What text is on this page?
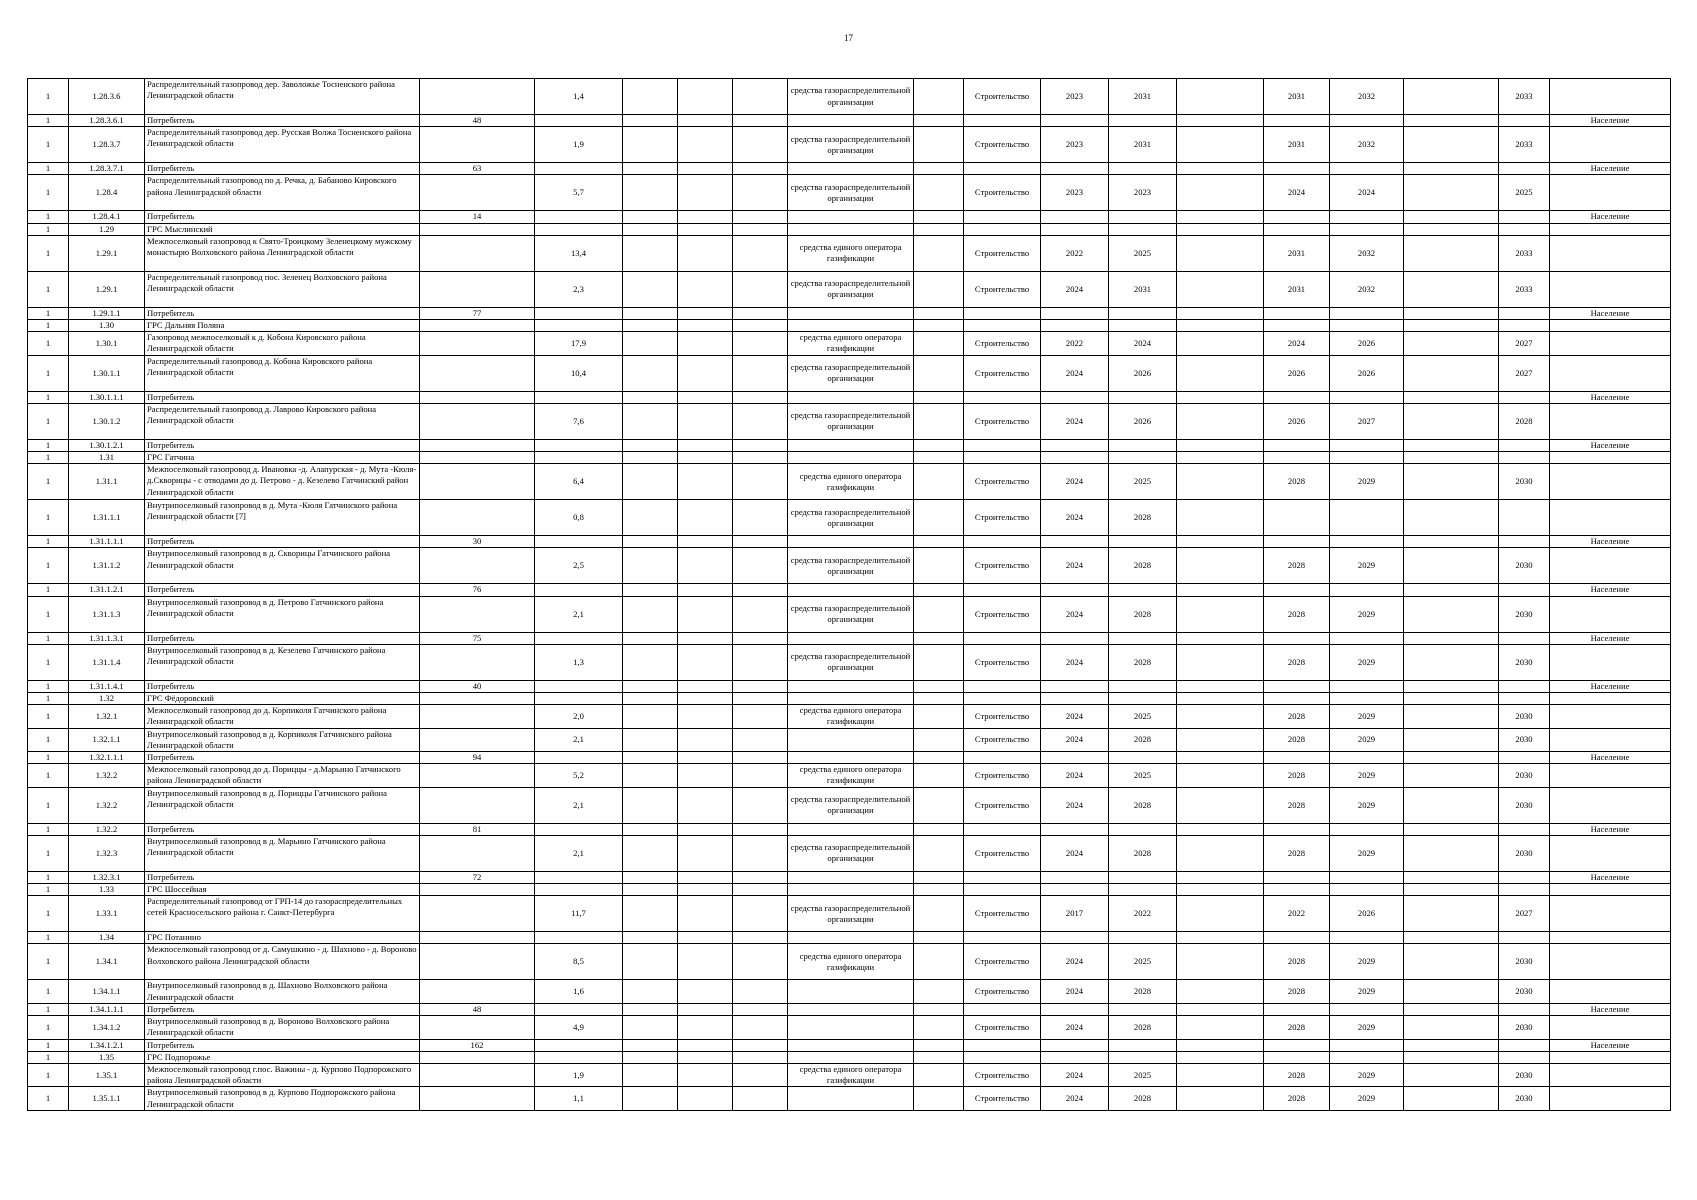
17
1	1.28.3.6	Распределительный газопровод дер. Заволожье Тосненского района Ленинградской области		1,4				средства газораспределительной организации		Строительство	2023	2031		2031	2032		2033	
1	1.28.3.6.1	Потребитель	48															Население
1	1.28.3.7	Распределительный газопровод дер. Русская Волжа Тосненского района Ленинградской области		1,9				средства газораспределительной организации		Строительство	2023	2031		2031	2032		2033	
1	1.28.3.7.1	Потребитель	63															Население
1	1.28.4	Распределительный газопровод по д. Речка, д. Бабаново Кировского района Ленинградской области		5,7				средства газораспределительной организации		Строительство	2023	2023		2024	2024		2025	
1	1.28.4.1	Потребитель	14															Население
1	1.29	ГРС Мыслинский																
1	1.29.1	Межпоселковый газопровод к Свято-Троицкому Зеленецкому мужскому монастырю Волховского района Ленинградской области		13,4				средства единого оператора газификации		Строительство	2022	2025		2031	2032		2033	
1	1.29.1	Распределительный газопровод пос. Зеленец Волховского района Ленинградской области		2,3				средства газораспределительной организации		Строительство	2024	2031		2031	2032		2033	
1	1.29.1.1	Потребитель	77															Население
1	1.30	ГРС Дальняя Поляна																
1	1.30.1	Газопровод межпоселковый к д. Кобона Кировского района Ленинградской области		17,9				средства единого оператора газификации		Строительство	2022	2024		2024	2026		2027	
1	1.30.1.1	Распределительный газопровод д. Кобона Кировского района Ленинградской области		10,4				средства газораспределительной организации		Строительство	2024	2026		2026	2026		2027	
1	1.30.1.1.1	Потребитель																Население
1	1.30.1.2	Распределительный газопровод д. Лаврово Кировского района Ленинградской области		7,6				средства газораспределительной организации		Строительство	2024	2026		2026	2027		2028	
1	1.30.1.2.1	Потребитель																Население
1	1.31	ГРС Гатчина																
1	1.31.1	Межпоселковый газопровод д. Ивановка -д. Алапурская - д. Мута -Кюля- д.Скворицы - с отводами до д. Петрово - д. Кезелево Гатчинский район Ленинградской области		6,4				средства единого оператора газификации		Строительство	2024	2025		2028	2029		2030	
1	1.31.1.1	Внутрипоселковый газопровод в д. Мута -Кюля Гатчинского района Ленинградской области [7]		0,8				средства газораспределительной организации		Строительство	2024	2028						
1	1.31.1.1.1	Потребитель	30															Население
1	1.31.1.2	Внутрипоселковый газопровод в д. Скворицы Гатчинского района Ленинградской области		2,5				средства газораспределительной организации		Строительство	2024	2028		2028	2029		2030	
1	1.31.1.2.1	Потребитель	76															Население
1	1.31.1.3	Внутрипоселковый газопровод в д. Петрово Гатчинского района Ленинградской области		2,1				средства газораспределительной организации		Строительство	2024	2028		2028	2029		2030	
1	1.31.1.3.1	Потребитель	75															Население
1	1.31.1.4	Внутрипоселковый газопровод в д. Кезелево Гатчинского района Ленинградской области		1,3				средства газораспределительной организации		Строительство	2024	2028		2028	2029		2030	
1	1.31.1.4.1	Потребитель	40															Население
1	1.32	ГРС Фёдоровский																
1	1.32.1	Межпоселковый газопровод до д. Корпиколя Гатчинского района Ленинградской области		2,0				средства единого оператора газификации		Строительство	2024	2025		2028	2029		2030	
1	1.32.1.1	Внутрипоселковый газопровод в д. Корпиколя Гатчинского района Ленинградской области		2,1						Строительство	2024	2028		2028	2029		2030	
1	1.32.1.1.1	Потребитель	94															Население
1	1.32.2	Межпоселковый газопровод до д. Пориццы - д.Марьино Гатчинского района Ленинградской области		5,2				средства единого оператора газификации		Строительство	2024	2025		2028	2029		2030	
1	1.32.2	Внутрипоселковый газопровод в д. Пориццы Гатчинского района Ленинградской области		2,1				средства газораспределительной организации		Строительство	2024	2028		2028	2029		2030	
1	1.32.2	Потребитель	81															Население
1	1.32.3	Внутрипоселковый газопровод в д. Марьино Гатчинского района Ленинградской области		2,1				средства газораспределительной организации		Строительство	2024	2028		2028	2029		2030	
1	1.32.3.1	Потребитель	72															Население
1	1.33	ГРС Шоссейная																
1	1.33.1	Распределительный газопровод от ГРП-14 до газораспределительных сетей Красносельского района г. Санкт-Петербурга		11,7				средства газораспределительной организации		Строительство	2017	2022		2022	2026		2027	
1	1.34	ГРС Потанино																
1	1.34.1	Межпоселковый газопровод от д. Самушкино - д. Шахново - д. Вороново Волховского района Ленинградской области		8,5				средства единого оператора газификации		Строительство	2024	2025		2028	2029		2030	
1	1.34.1.1	Внутрипоселковый газопровод в д. Шахново Волховского района Ленинградской области		1,6						Строительство	2024	2028		2028	2029		2030	
1	1.34.1.1.1	Потребитель	48															Население
1	1.34.1.2	Внутрипоселковый газопровод в д. Вороново Волховского района Ленинградской области		4,9						Строительство	2024	2028		2028	2029		2030	
1	1.34.1.2.1	Потребитель	162															Население
1	1.35	ГРС Подпорожье																
1	1.35.1	Межпоселковый газопровод г.пос. Важины - д. Курпово Подпорожского района Ленинградской области		1,9				средства единого оператора газификации		Строительство	2024	2025		2028	2029		2030	
1	1.35.1.1	Внутрипоселковый газопровод в д. Курпово Подпорожского района Ленинградской области		1,1						Строительство	2024	2028		2028	2029		2030	
